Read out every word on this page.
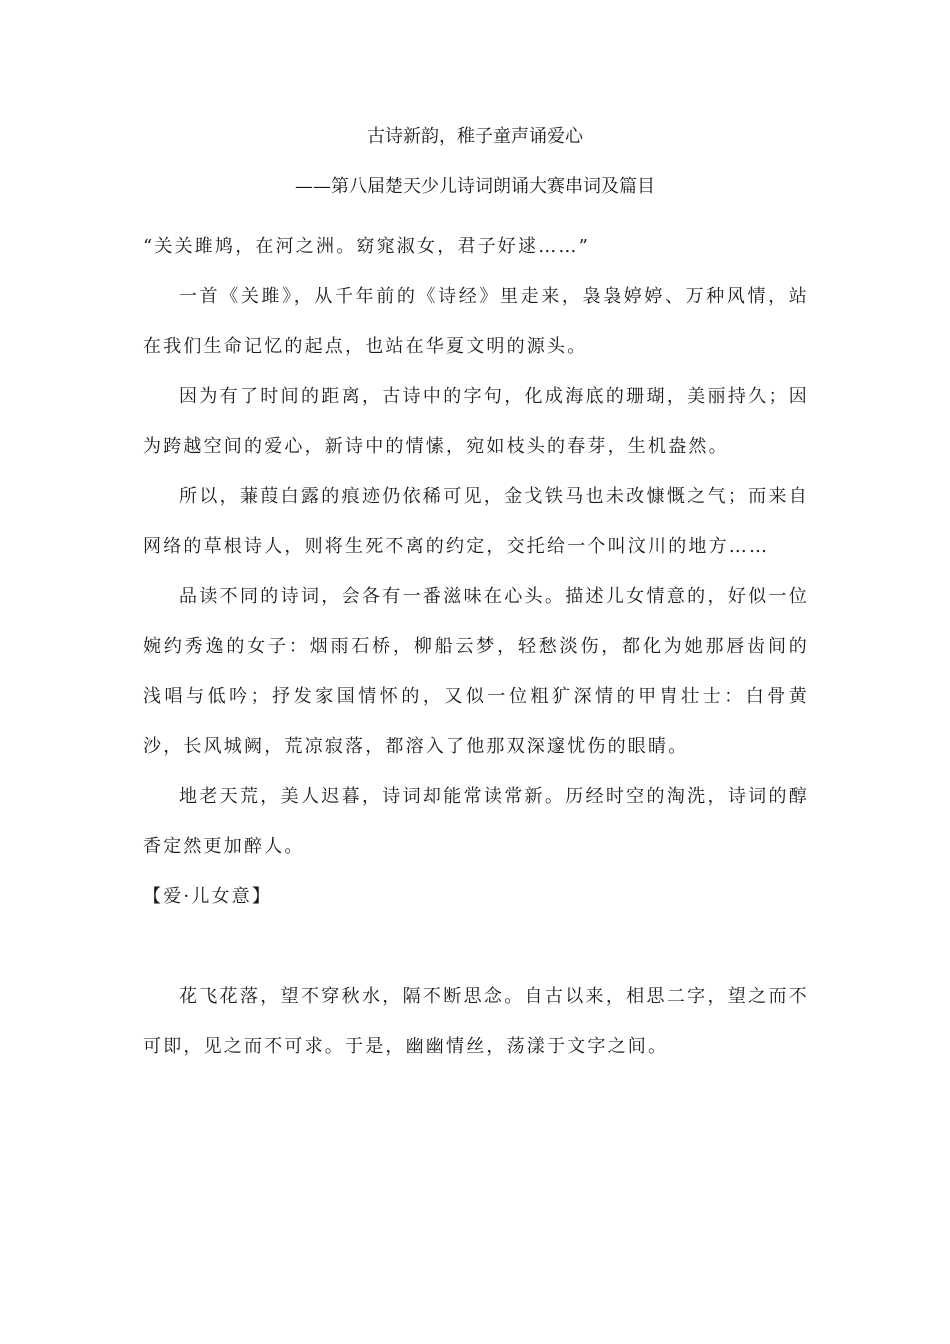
古诗新韵，稚子童声诵爱心
——第八届楚天少儿诗词朗诵大赛串词及篇目

“关关雎鸠，在河之洲。窈窕淑女，君子好逑……”

一首《关雎》，从千年前的《诗经》里走来，袅袅婷婷、万种风情，站在我们生命记忆的起点，也站在华夏文明的源头。

因为有了时间的距离，古诗中的字句，化成海底的珊瑚，美丽持久；因为跨越空间的爱心，新诗中的情愫，宛如枝头的春芽，生机盎然。

所以，蒹葭白露的痕迹仍依稀可见，金戈铁马也未改慷慨之气；而来自网络的草根诗人，则将生死不离的约定，交托给一个叫汶川的地方……

品读不同的诗词，会各有一番滋味在心头。描述儿女情意的，好似一位婉约秀逸的女子：烟雨石桥，柳船云梦，轻愁淡伤，都化为她那唇齿间的浅唱与低吟；抒发家国情怀的，又似一位粗犷深情的甲胄壮士：白骨黄沙，长风城阙，荒凉寂落，都溶入了他那双深邃忧伤的眼睛。

地老天荒，美人迟暮，诗词却能常读常新。历经时空的淘洗，诗词的醇香定然更加醉人。

【爱·儿女意】

花飞花落，望不穿秋水，隔不断思念。自古以来，相思二字，望之而不可即，见之而不可求。于是，幽幽情丝，荡漾于文字之间。
